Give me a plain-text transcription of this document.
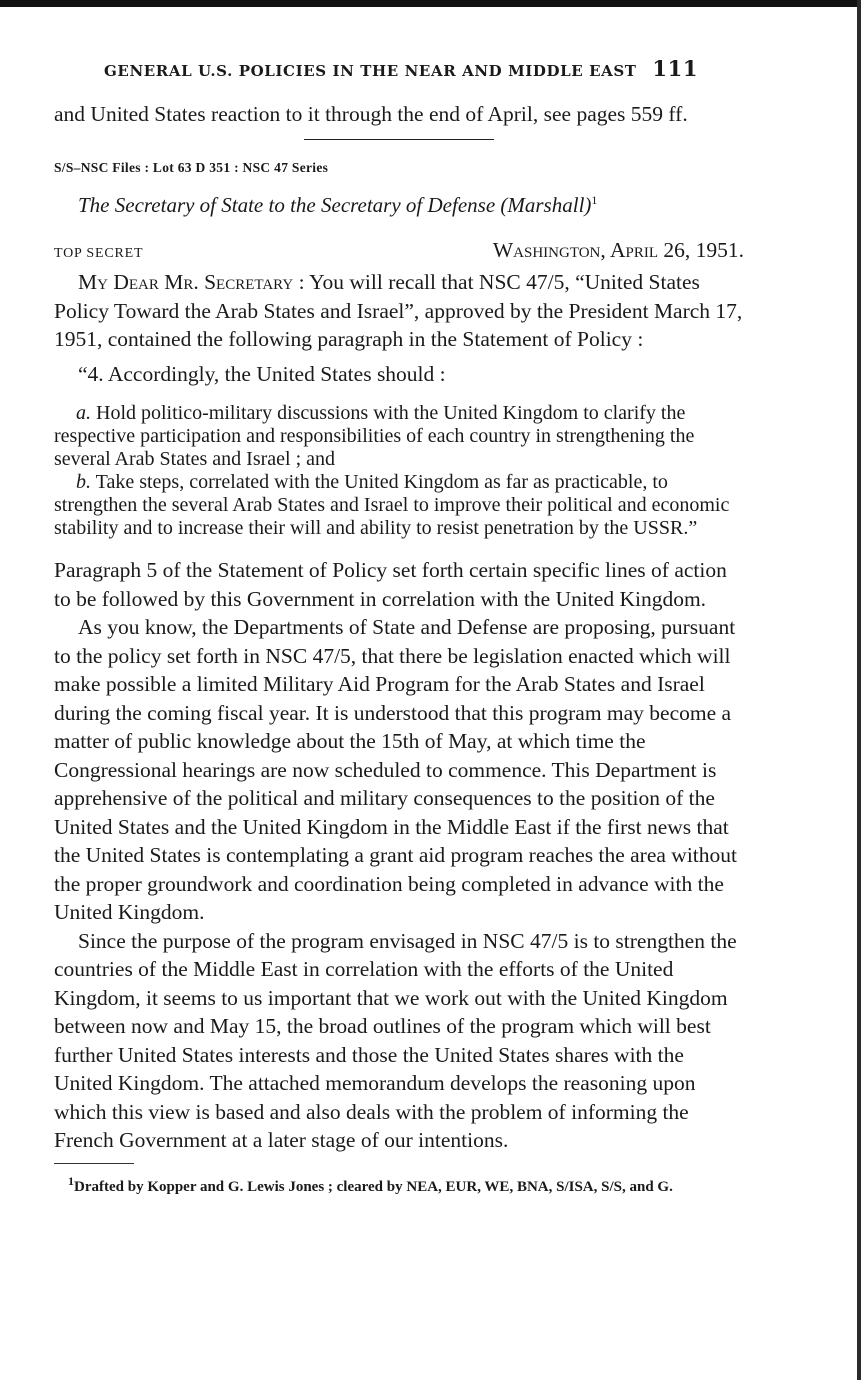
GENERAL U.S. POLICIES IN THE NEAR AND MIDDLE EAST 111

and United States reaction to it through the end of April, see pages 559 ff.

S/S–NSC Files : Lot 63 D 351 : NSC 47 Series

The Secretary of State to the Secretary of Defense (Marshall)$^1$

TOP SECRET	Washington, April 26, 1951.

My Dear Mr. Secretary : You will recall that NSC 47/5, “United States Policy Toward the Arab States and Israel”, approved by the President March 17, 1951, contained the following paragraph in the Statement of Policy :

“4. Accordingly, the United States should :

a. Hold politico-military discussions with the United Kingdom to clarify the respective participation and responsibilities of each country in strengthening the several Arab States and Israel ; and

b. Take steps, correlated with the United Kingdom as far as practicable, to strengthen the several Arab States and Israel to improve their political and economic stability and to increase their will and ability to resist penetration by the USSR.”

Paragraph 5 of the Statement of Policy set forth certain specific lines of action to be followed by this Government in correlation with the United Kingdom.

As you know, the Departments of State and Defense are proposing, pursuant to the policy set forth in NSC 47/5, that there be legislation enacted which will make possible a limited Military Aid Program for the Arab States and Israel during the coming fiscal year. It is understood that this program may become a matter of public knowledge about the 15th of May, at which time the Congressional hearings are now scheduled to commence. This Department is apprehensive of the political and military consequences to the position of the United States and the United Kingdom in the Middle East if the first news that the United States is contemplating a grant aid program reaches the area without the proper groundwork and coordination being completed in advance with the United Kingdom.

Since the purpose of the program envisaged in NSC 47/5 is to strengthen the countries of the Middle East in correlation with the efforts of the United Kingdom, it seems to us important that we work out with the United Kingdom between now and May 15, the broad outlines of the program which will best further United States interests and those the United States shares with the United Kingdom. The attached memorandum develops the reasoning upon which this view is based and also deals with the problem of informing the French Government at a later stage of our intentions.

$^1$Drafted by Kopper and G. Lewis Jones ; cleared by NEA, EUR, WE, BNA, S/ISA, S/S, and G.
